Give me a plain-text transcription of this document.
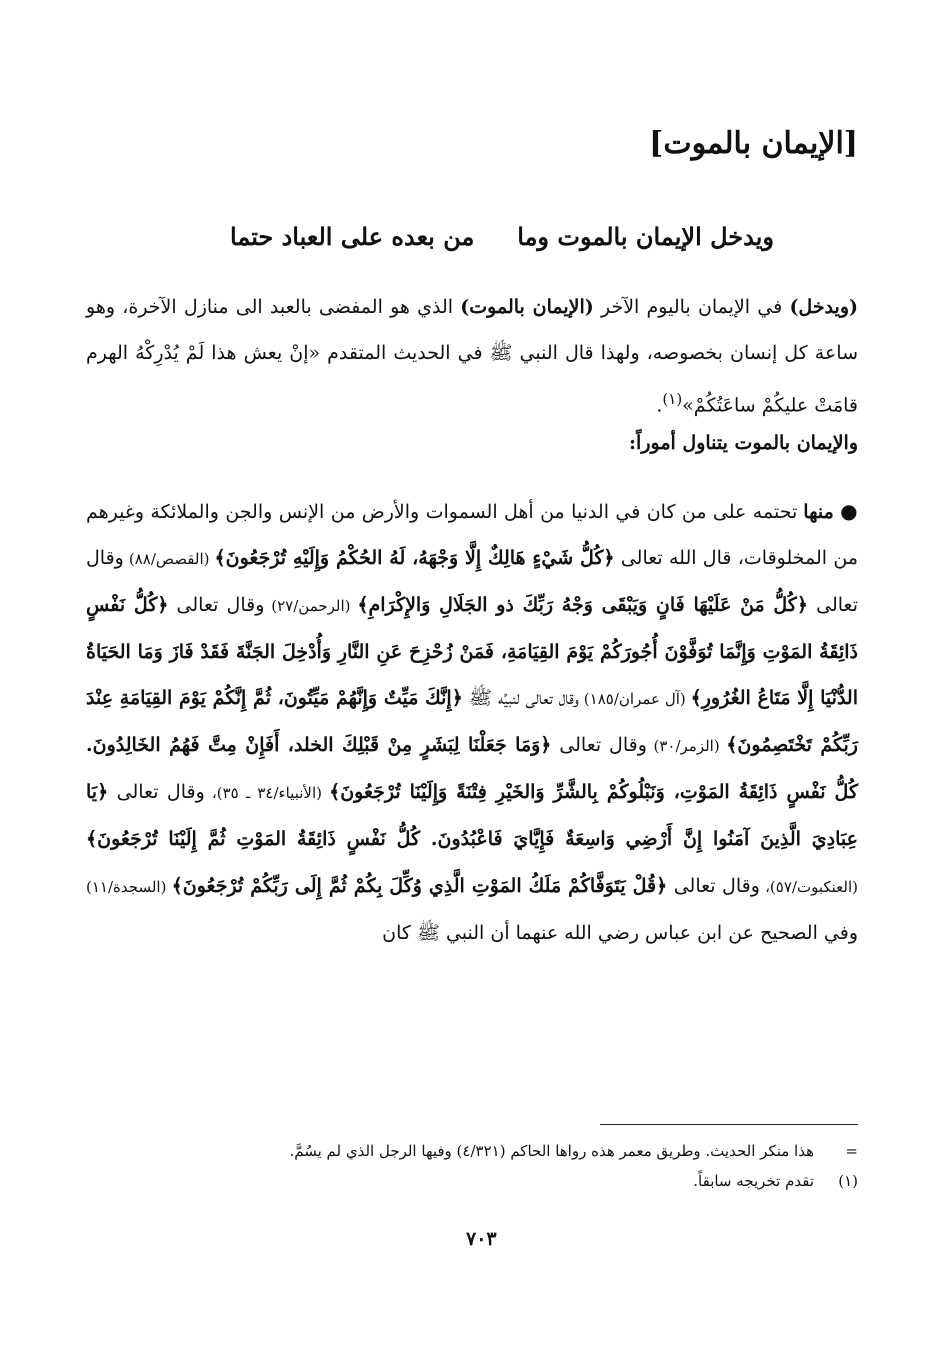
[الإيمان بالموت]
ويدخل الإيمان بالموت وما
من بعده على العباد حتما
(ويدخل) في الإيمان باليوم الآخر (الإيمان بالموت) الذي هو المفضى بالعبد الى منازل الآخرة، وهو ساعة كل إنسان بخصوصه، ولهذا قال النبي ﷺ في الحديث المتقدم «إنْ يعش هذا لَمْ يُدْرِكْهُ الهرم قامَتْ عليكُمْ ساعَتُكُمْ»$^{(١)}$.
والإيمان بالموت يتناول أموراً:
● منها تحتمه على من كان في الدنيا من أهل السموات والأرض من الإنس والجن والملائكة وغيرهم من المخلوقات، قال الله تعالى ﴿كُلُّ شَيْءٍ هَالِكٌ إِلَّا وَجْهَهُ، لَهُ الحُكْمُ وَإِلَيْهِ تُرْجَعُونَ﴾ (القصص/٨٨) وقال تعالى ﴿كُلُّ مَنْ عَلَيْهَا فَانٍ وَيَبْقَى وَجْهُ رَبِّكَ ذو الجَلَالِ وَالإِكْرَامِ﴾ (الرحمن/٢٧) وقال تعالى ﴿كُلُّ نَفْسٍ ذَائِقَةُ المَوْتِ وَإِنَّمَا تُوَفَّوْنَ أُجُورَكُمْ يَوْمَ القِيَامَةِ، فَمَنْ زُحْزِحَ عَنِ النَّارِ وَأُدْخِلَ الجَنَّةَ فَقَدْ فَازَ وَمَا الحَيَاةُ الدُّنْيَا إِلَّا مَتَاعُ الغُرُورِ﴾ (آل عمران/١٨٥) وقال تعالى لنبيِّه ﷺ ﴿إِنَّكَ مَيِّتٌ وَإِنَّهُمْ مَيِّتُونَ، ثُمَّ إِنَّكُمْ يَوْمَ القِيَامَةِ عِنْدَ رَبِّكُمْ تَخْتَصِمُونَ﴾ (الزمر/٣٠) وقال تعالى ﴿وَمَا جَعَلْنَا لِبَشَرٍ مِنْ قَبْلِكَ الخلد، أَفَإِنْ مِتَّ فَهُمُ الخَالِدُونَ. كُلُّ نَفْسٍ ذَائِقَةُ المَوْتِ، وَنَبْلُوكُمْ بِالشَّرِّ وَالخَيْرِ فِتْنَةً وَإِلَيْنَا تُرْجَعُونَ﴾ (الأنبياء/٣٤ ـ ٣٥)، وقال تعالى ﴿يَا عِبَادِيَ الَّذِينَ آمَنُوا إِنَّ أَرْضِي وَاسِعَةٌ فَإِيَّايَ فَاعْبُدُونَ. كُلُّ نَفْسٍ ذَائِقَةُ المَوْتِ ثُمَّ إِلَيْنَا تُرْجَعُونَ﴾ (العنكبوت/٥٧)، وقال تعالى ﴿قُلْ يَتَوَفَّاكُمْ مَلَكُ المَوْتِ الَّذِي وُكِّلَ بِكُمْ ثُمَّ إِلَى رَبِّكُمْ تُرْجَعُونَ﴾ (السجدة/١١) وفي الصحيح عن ابن عباس رضي الله عنهما أن النبي ﷺ كان
=هذا منكر الحديث. وطريق معمر هذه رواها الحاكم (٤/٣٢١) وفيها الرجل الذي لم يسُمَّ.
(١)تقدم تخريجه سابقاً.
٧٠٣
